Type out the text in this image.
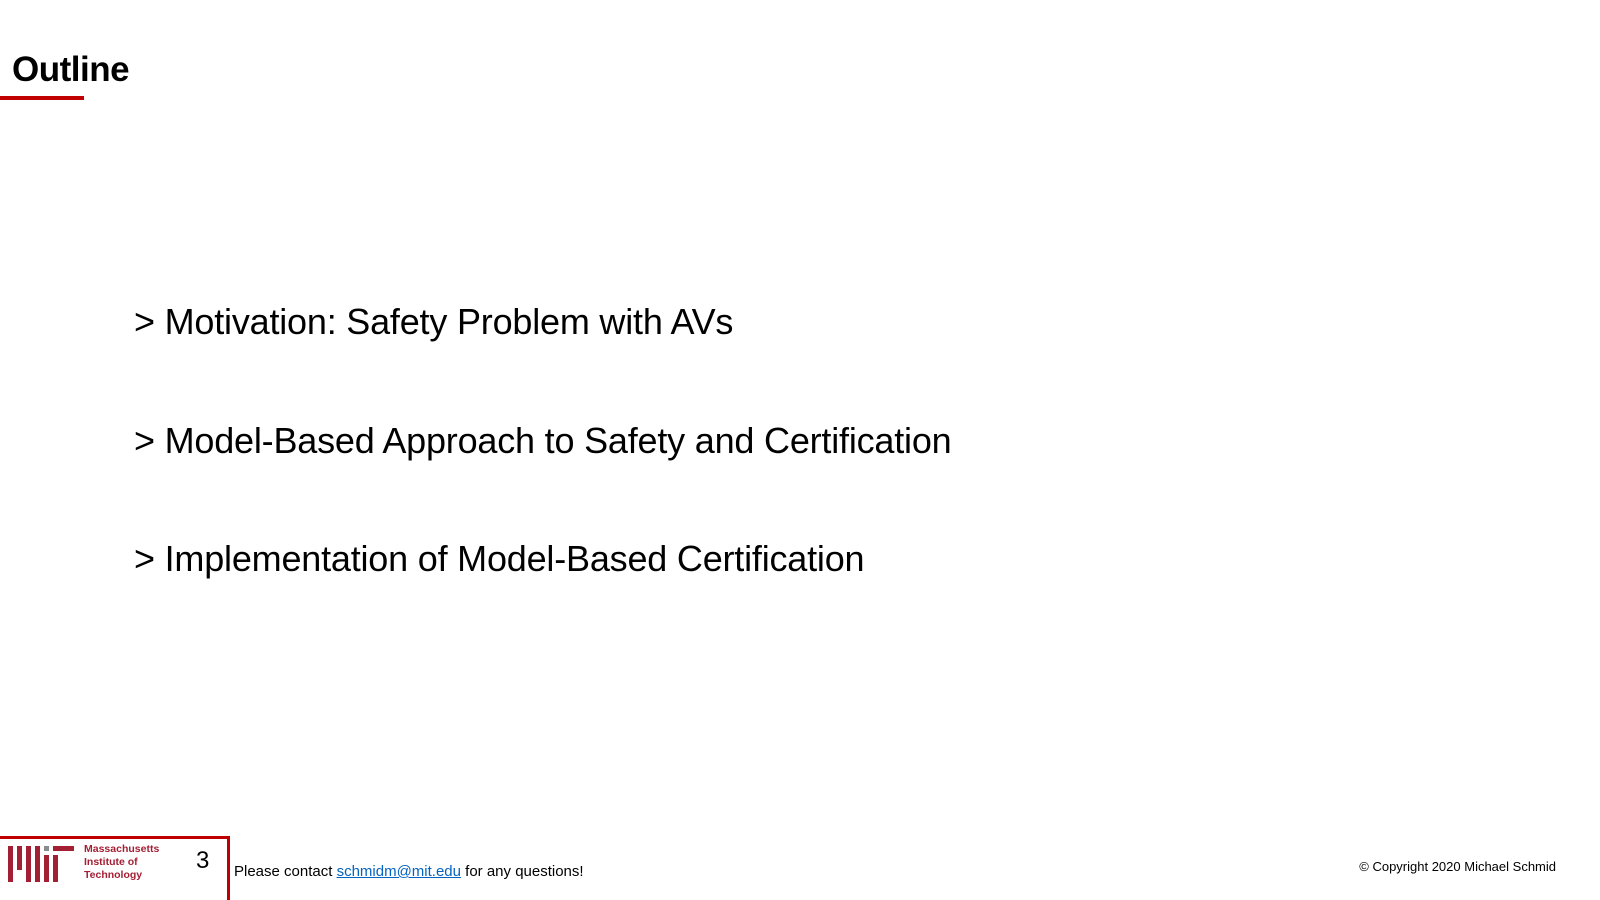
Outline
> Motivation: Safety Problem with AVs
> Model-Based Approach to Safety and Certification
> Implementation of Model-Based Certification
Massachusetts
Institute of
Technology
3 Please contact schmidm@mit.edu for any questions!	© Copyright 2020 Michael Schmid
